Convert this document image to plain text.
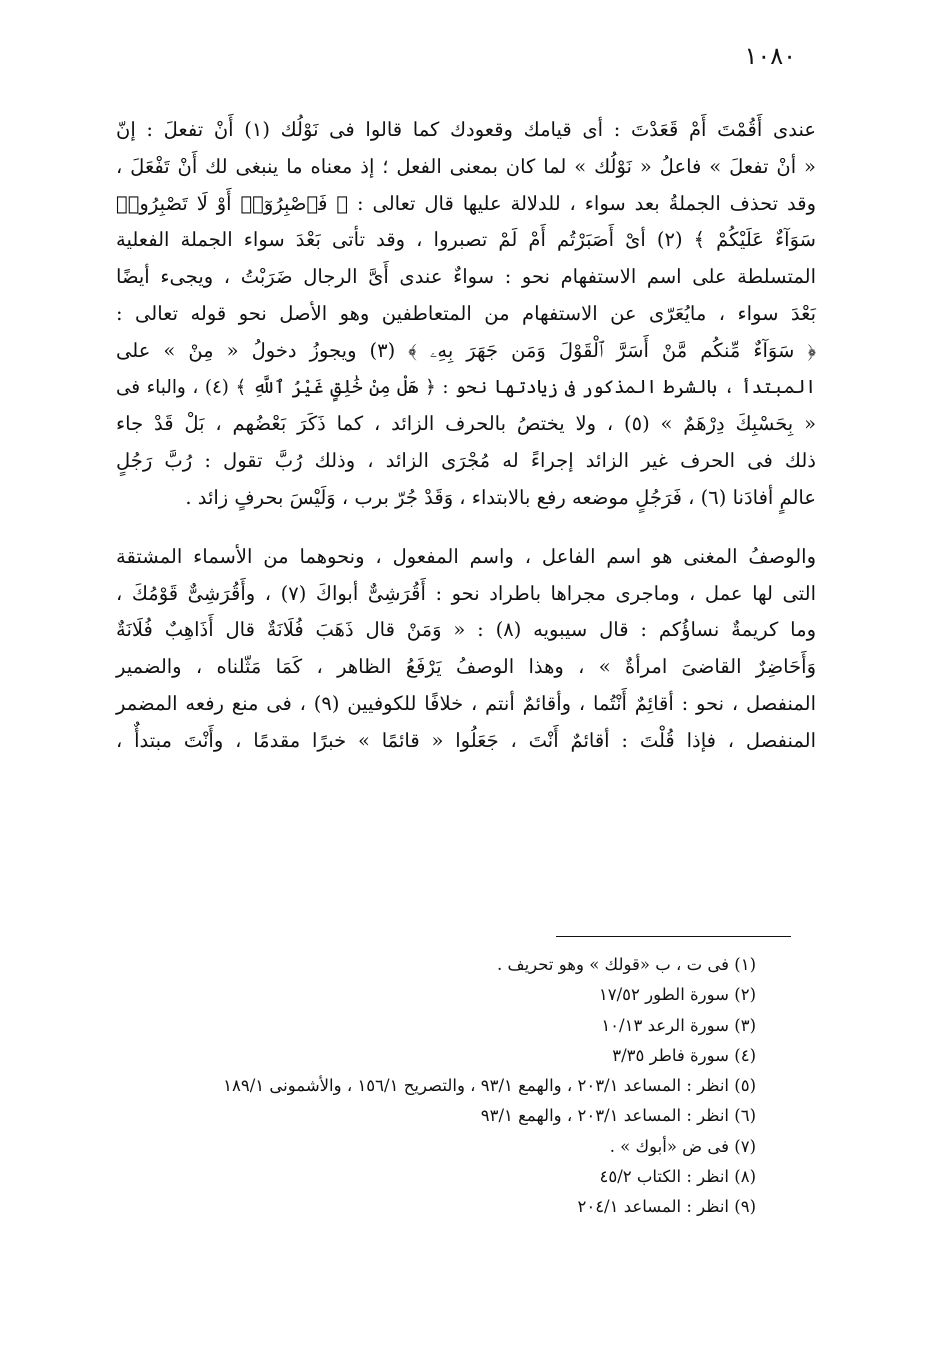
١٠٨٠

عندى أَقُمْتَ أَمْ قَعَدْتَ : أى قيامك وقعودك كما قالوا فى نَوْلُك (١) أَنْ تفعلَ : إنّ

« أنْ تفعلَ » فاعلُ « نَوْلُك » لما كان بمعنى الفعل ؛ إذ معناه ما ينبغى لك أَنْ تَفْعَلَ ،

وقد تحذف الجملةُ بعد سواء ، للدلالة عليها قال تعالى : ﴿ فَٱصْبِرُوٓا۟ أَوْ لَا تَصْبِرُوا۟

سَوَآءٌ عَلَيْكُمْ ﴾ (٢) أىْ أَصَبَرْتُم أَمْ لَمْ تصبروا ، وقد تأتى بَعْدَ سواء الجملة الفعلية

المتسلطة على اسم الاستفهام نحو : سواءٌ عندى أَىَّ الرجال ضَرَبْتُ ، ويجىء أيضًا

بَعْدَ سواء ، مايُعَرّى عن الاستفهام من المتعاطفين وهو الأصل نحو قوله تعالى :

﴿ سَوَآءٌ مِّنكُم مَّنْ أَسَرَّ ٱلْقَوْلَ وَمَن جَهَرَ بِهِۦ ﴾ (٣) ويجوزُ دخولُ « مِنْ » على

المبتدأ ، بالشرط المذكور فى زيادتها نحو : ﴿ هَلْ مِنْ خَٰلِقٍ غَيْرُ ٱللَّهِ ﴾ (٤) ، والباء فى

« بِحَسْبِكَ دِرْهَمٌ » (٥) ، ولا يختصُ بالحرف الزائد ، كما ذَكَرَ بَعْضُهم ، بَلْ قَدْ جاء

ذلك فى الحرف غير الزائد إجراءً له مُجْرَى الزائد ، وذلك رُبَّ تقول : رُبَّ رَجُلٍ

عالمٍ أفادَنا (٦) ، فَرَجُلٍ موضعه رفع بالابتداء ، وَقَدْ جُرّ برب ، وَلَيْسَ بحرفٍ زائد .

والوصفُ المغنى هو اسم الفاعل ، واسم المفعول ، ونحوهما من الأسماء المشتقة

التى لها عمل ، وماجرى مجراها باطراد نحو : أَقُرَشِىٌّ أبواكَ (٧) ، وأَقُرَشِىٌّ قَوْمُكَ ،

وما كريمةٌ نساؤُكم : قال سيبويه (٨) : « وَمَنْ قال ذَهَبَ فُلَانَةٌ قال أَذَاهِبٌ فُلَانَةٌ

وَأَحَاضِرٌ القاضىَ امرأةٌ » ، وهذا الوصفُ يَرْفَعُ الظاهر ، كَمَا مَثّلناه ، والضمير

المنفصل ، نحو : أقائِمٌ أَنْتُما ، وأقائمٌ أنتم ، خلافًا للكوفيين (٩) ، فى منع رفعه المضمر

المنفصل ، فإذا قُلْتَ : أقائمٌ أَنْتَ ، جَعَلُوا « قائمًا » خبرًا مقدمًا ، وأَنْتَ مبتدأٌ ،

(١) فى ت ، ب «قولك » وهو تحريف .
(٢) سورة الطور ١٧/٥٢
(٣) سورة الرعد ١٠/١٣
(٤) سورة فاطر ٣/٣٥
(٥) انظر : المساعد ٢٠٣/١ ، والهمع ٩٣/١ ، والتصريح ١٥٦/١ ، والأشمونى ١٨٩/١
(٦) انظر : المساعد ٢٠٣/١ ، والهمع ٩٣/١
(٧) فى ض «أبوك » .
(٨) انظر : الكتاب ٤٥/٢
(٩) انظر : المساعد ٢٠٤/١
